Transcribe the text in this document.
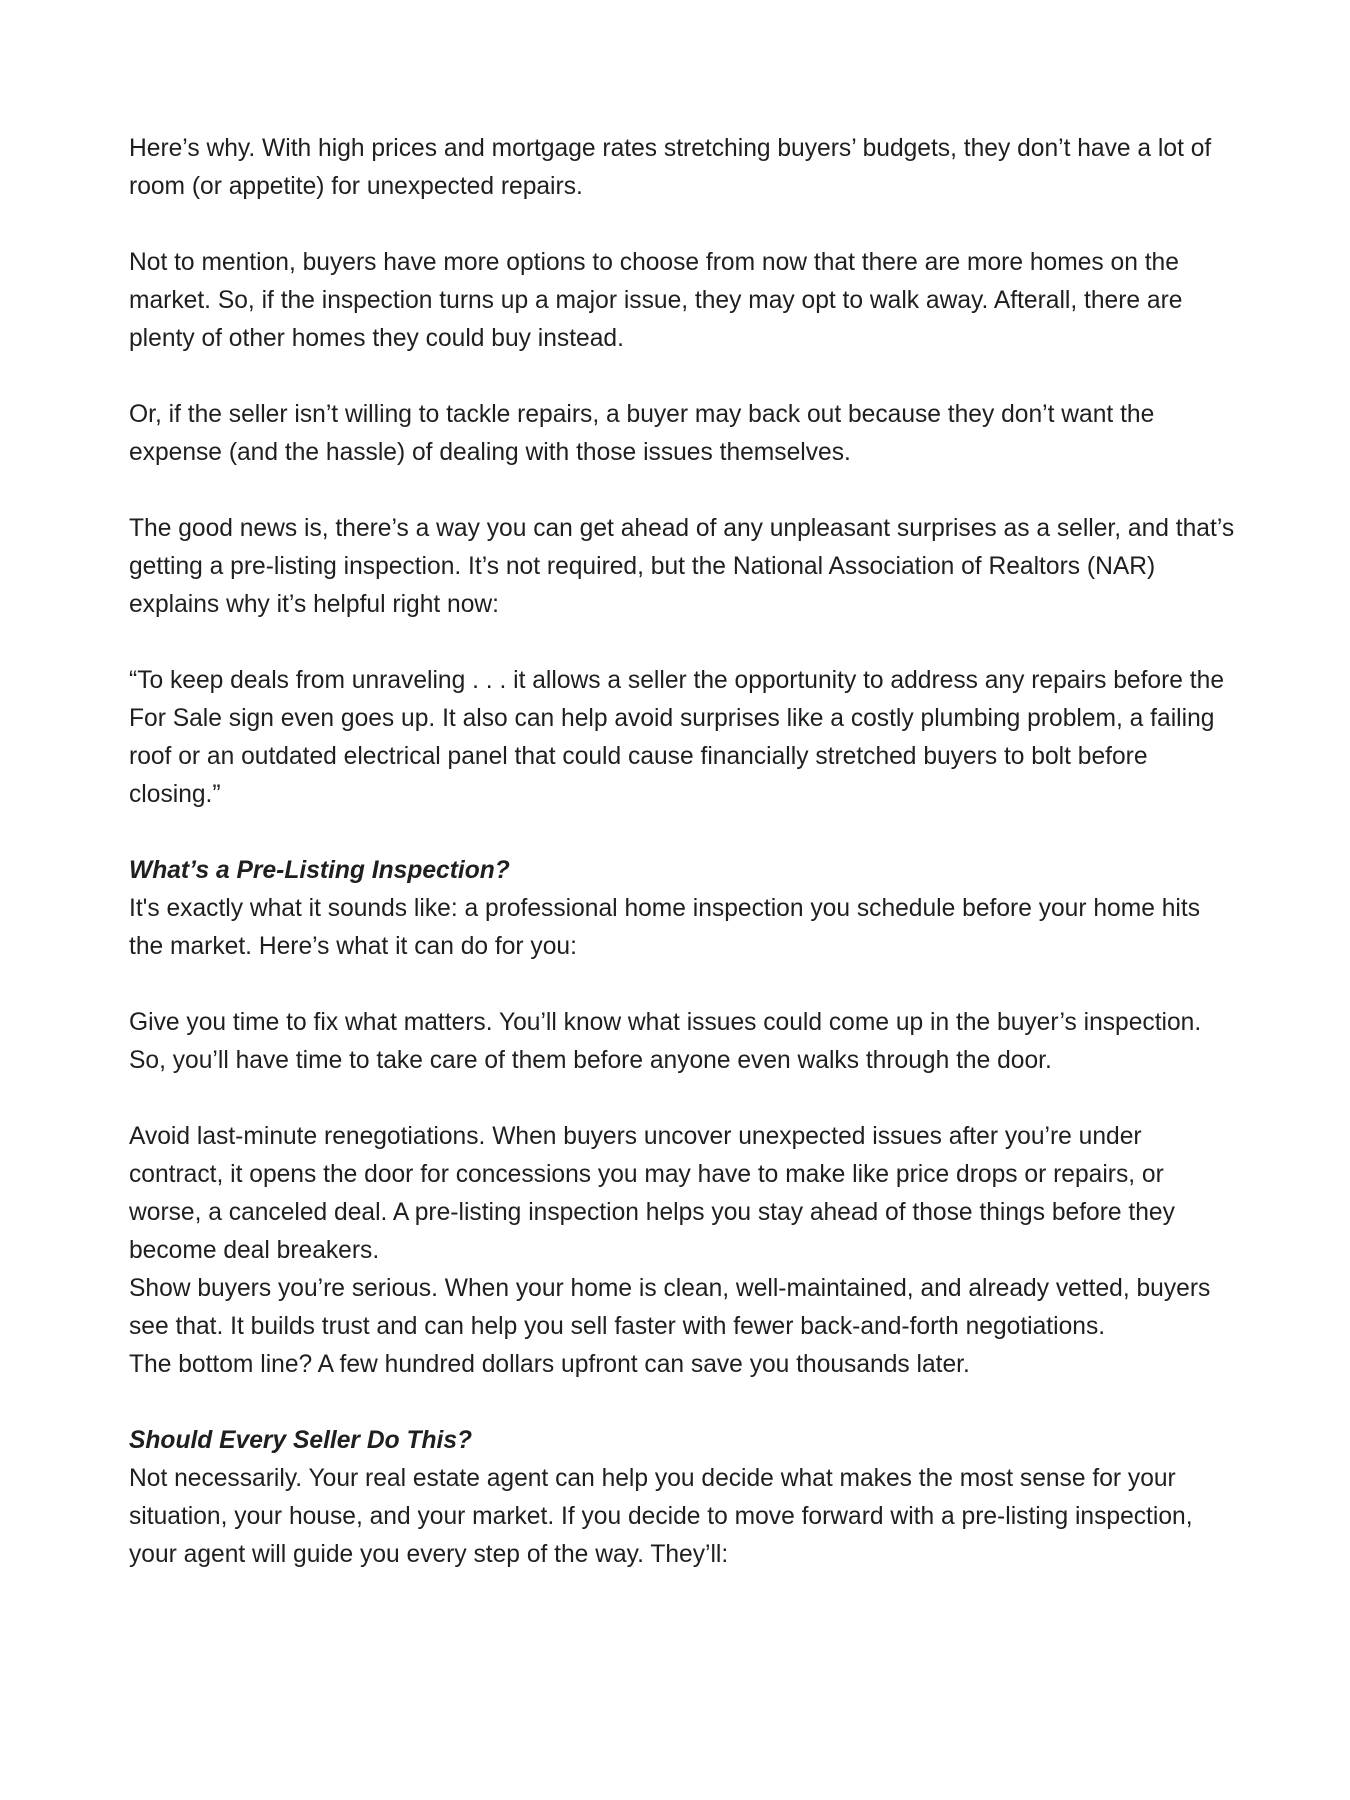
Here’s why. With high prices and mortgage rates stretching buyers’ budgets, they don’t have a lot of room (or appetite) for unexpected repairs.

Not to mention, buyers have more options to choose from now that there are more homes on the market. So, if the inspection turns up a major issue, they may opt to walk away. Afterall, there are plenty of other homes they could buy instead.

Or, if the seller isn’t willing to tackle repairs, a buyer may back out because they don’t want the expense (and the hassle) of dealing with those issues themselves.

The good news is, there’s a way you can get ahead of any unpleasant surprises as a seller, and that’s getting a pre-listing inspection. It’s not required, but the National Association of Realtors (NAR) explains why it’s helpful right now:

“To keep deals from unraveling . . . it allows a seller the opportunity to address any repairs before the For Sale sign even goes up. It also can help avoid surprises like a costly plumbing problem, a failing roof or an outdated electrical panel that could cause financially stretched buyers to bolt before closing.”

What’s a Pre-Listing Inspection?

It's exactly what it sounds like: a professional home inspection you schedule before your home hits the market. Here’s what it can do for you:

Give you time to fix what matters. You’ll know what issues could come up in the buyer’s inspection. So, you’ll have time to take care of them before anyone even walks through the door.

Avoid last-minute renegotiations. When buyers uncover unexpected issues after you’re under contract, it opens the door for concessions you may have to make like price drops or repairs, or worse, a canceled deal. A pre-listing inspection helps you stay ahead of those things before they become deal breakers.

Show buyers you’re serious. When your home is clean, well-maintained, and already vetted, buyers see that. It builds trust and can help you sell faster with fewer back-and-forth negotiations.

The bottom line? A few hundred dollars upfront can save you thousands later.

Should Every Seller Do This?

Not necessarily. Your real estate agent can help you decide what makes the most sense for your situation, your house, and your market. If you decide to move forward with a pre-listing inspection, your agent will guide you every step of the way. They’ll:
